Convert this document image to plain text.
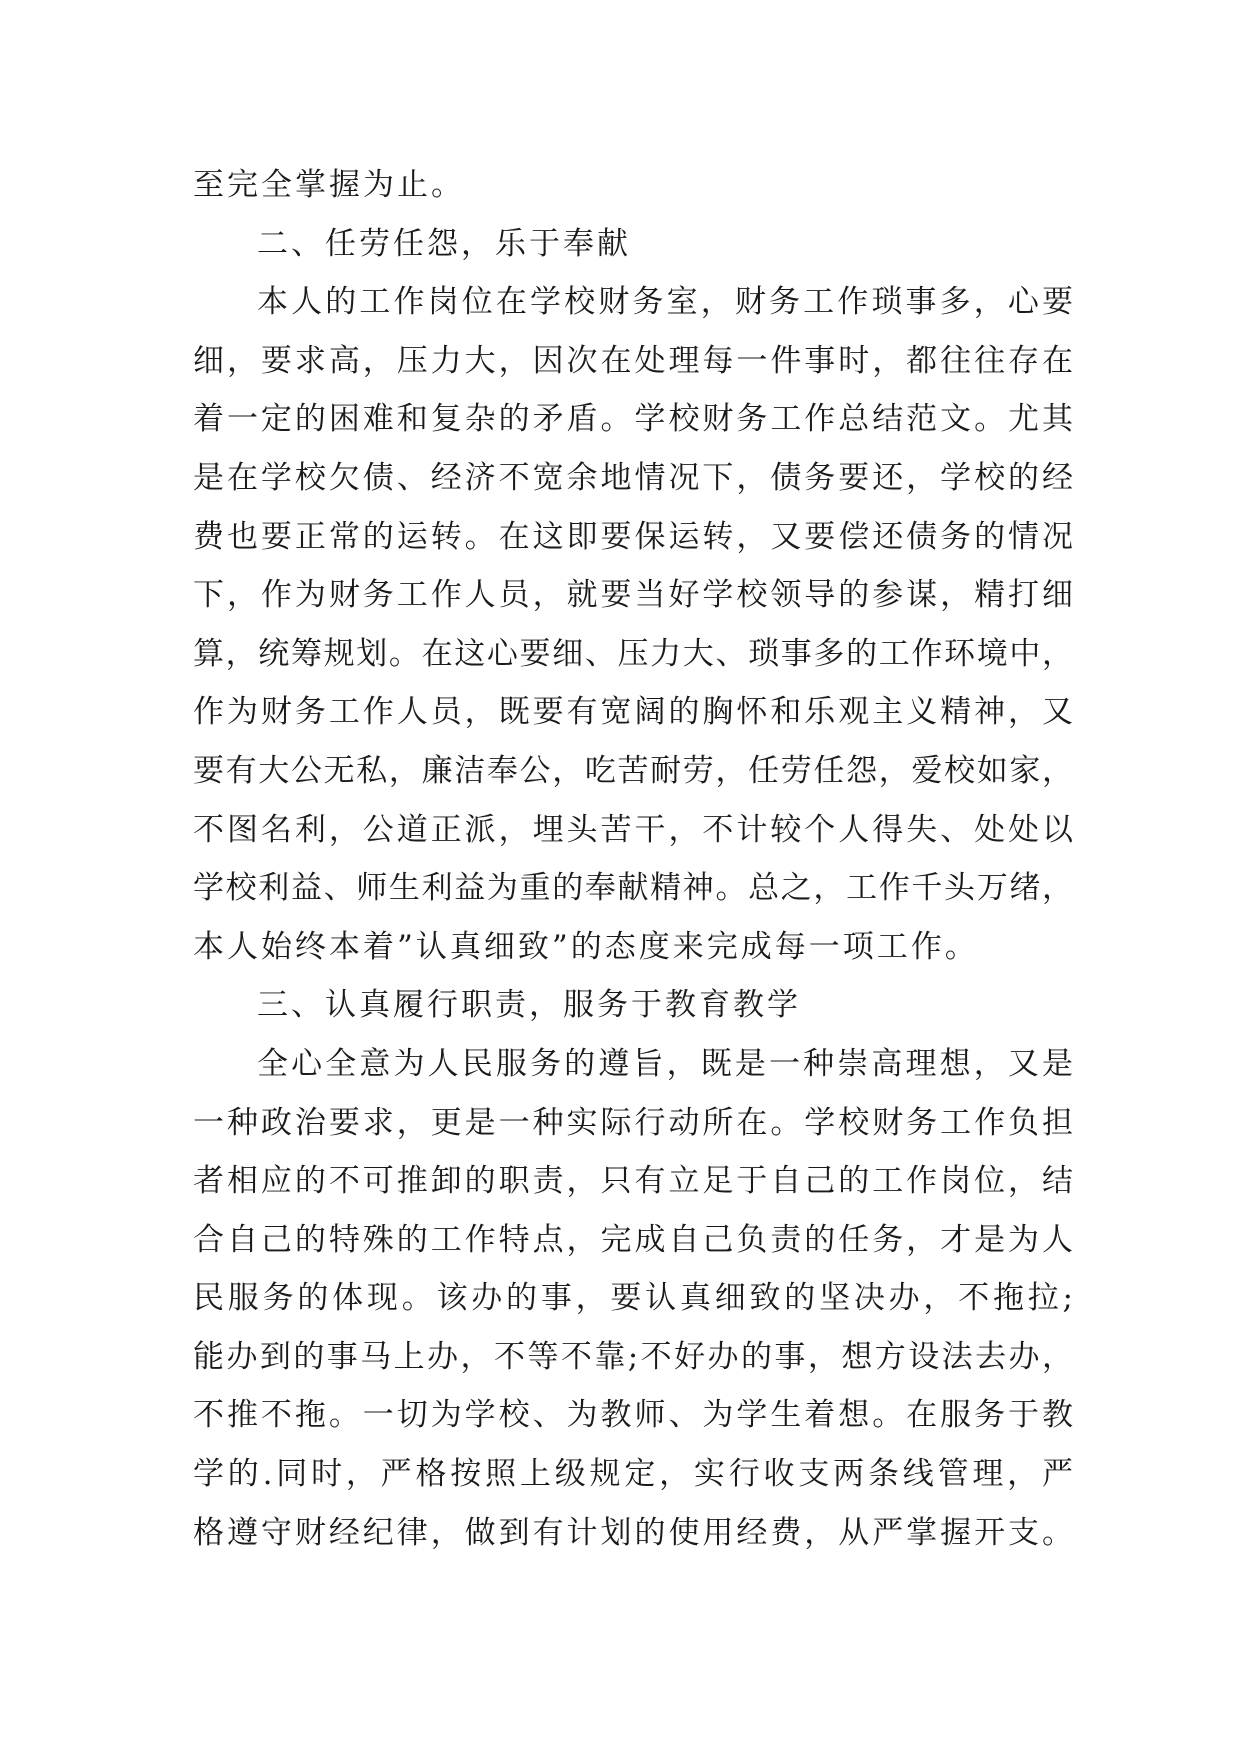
至完全掌握为止。
二、任劳任怨，乐于奉献
本人的工作岗位在学校财务室，财务工作琐事多，心要
细，要求高，压力大，因次在处理每一件事时，都往往存在
着一定的困难和复杂的矛盾。学校财务工作总结范文。尤其
是在学校欠债、经济不宽余地情况下，债务要还，学校的经
费也要正常的运转。在这即要保运转，又要偿还债务的情况
下，作为财务工作人员，就要当好学校领导的参谋，精打细
算，统筹规划。在这心要细、压力大、琐事多的工作环境中，
作为财务工作人员，既要有宽阔的胸怀和乐观主义精神，又
要有大公无私，廉洁奉公，吃苦耐劳，任劳任怨，爱校如家，
不图名利，公道正派，埋头苦干，不计较个人得失、处处以
学校利益、师生利益为重的奉献精神。总之，工作千头万绪，
本人始终本着”认真细致”的态度来完成每一项工作。
三、认真履行职责，服务于教育教学
全心全意为人民服务的遵旨，既是一种崇高理想，又是
一种政治要求，更是一种实际行动所在。学校财务工作负担
者相应的不可推卸的职责，只有立足于自己的工作岗位，结
合自己的特殊的工作特点，完成自己负责的任务，才是为人
民服务的体现。该办的事，要认真细致的坚决办，不拖拉;
能办到的事马上办，不等不靠;不好办的事，想方设法去办，
不推不拖。一切为学校、为教师、为学生着想。在服务于教
学的.同时，严格按照上级规定，实行收支两条线管理，严
格遵守财经纪律，做到有计划的使用经费，从严掌握开支。
